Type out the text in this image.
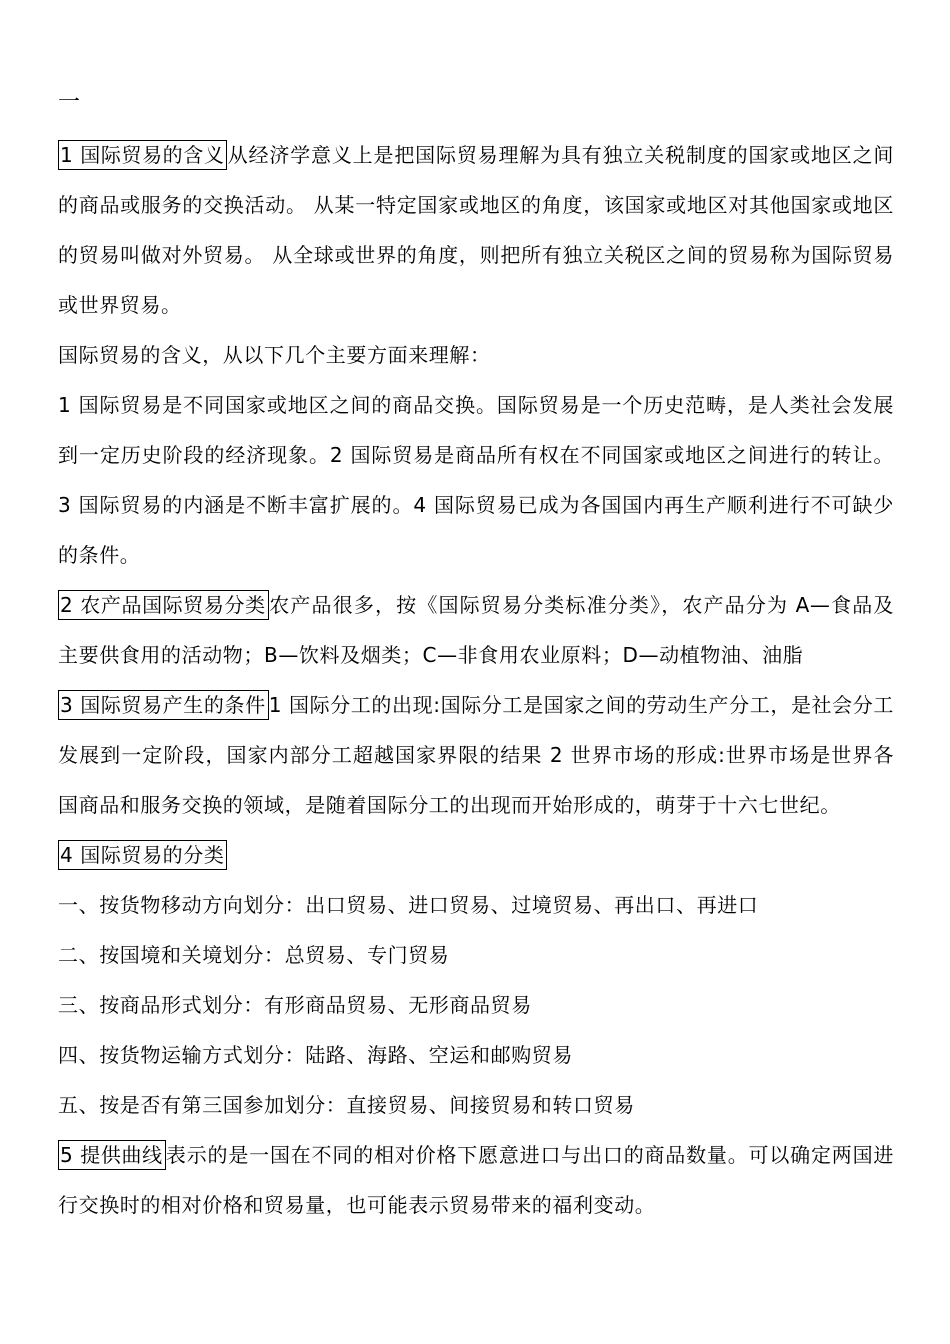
一

1 国际贸易的含义 从经济学意义上是把国际贸易理解为具有独立关税制度的国家或地区之间的商品或服务的交换活动。 从某一特定国家或地区的角度，该国家或地区对其他国家或地区的贸易叫做对外贸易。 从全球或世界的角度，则把所有独立关税区之间的贸易称为国际贸易或世界贸易。

国际贸易的含义，从以下几个主要方面来理解：

1 国际贸易是不同国家或地区之间的商品交换。国际贸易是一个历史范畴，是人类社会发展到一定历史阶段的经济现象。2 国际贸易是商品所有权在不同国家或地区之间进行的转让。3 国际贸易的内涵是不断丰富扩展的。4 国际贸易已成为各国国内再生产顺利进行不可缺少的条件。

2 农产品国际贸易分类 农产品很多，按《国际贸易分类标准分类》，农产品分为 A—食品及主要供食用的活动物；B—饮料及烟类；C—非食用农业原料；D—动植物油、油脂

3 国际贸易产生的条件 1 国际分工的出现:国际分工是国家之间的劳动生产分工，是社会分工发展到一定阶段，国家内部分工超越国家界限的结果 2 世界市场的形成:世界市场是世界各国商品和服务交换的领域，是随着国际分工的出现而开始形成的，萌芽于十六七世纪。

4 国际贸易的分类

一、按货物移动方向划分：出口贸易、进口贸易、过境贸易、再出口、再进口

二、按国境和关境划分：总贸易、专门贸易

三、按商品形式划分：有形商品贸易、无形商品贸易

四、按货物运输方式划分：陆路、海路、空运和邮购贸易

五、按是否有第三国参加划分：直接贸易、间接贸易和转口贸易

5 提供曲线 表示的是一国在不同的相对价格下愿意进口与出口的商品数量。可以确定两国进行交换时的相对价格和贸易量，也可能表示贸易带来的福利变动。
